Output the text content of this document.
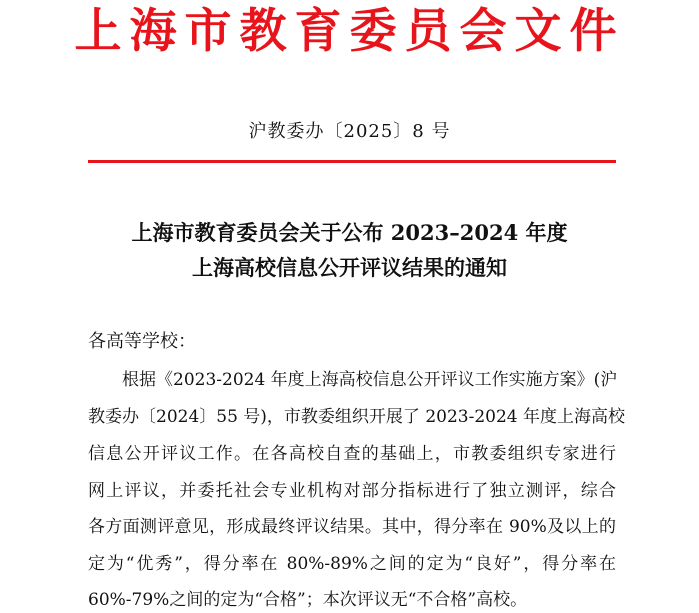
上海市教育委员会文件
沪教委办〔2025〕8 号
上海市教育委员会关于公布 2023–2024 年度
上海高校信息公开评议结果的通知
各高等学校：
根据《2023-2024 年度上海高校信息公开评议工作实施方案》(沪
教委办〔2024〕55 号)，市教委组织开展了 2023-2024 年度上海高校
信息公开评议工作。在各高校自查的基础上，市教委组织专家进行
网上评议，并委托社会专业机构对部分指标进行了独立测评，综合
各方面测评意见，形成最终评议结果。其中，得分率在 90%及以上的
定为“优秀”，得分率在 80%-89%之间的定为“良好”，得分率在
60%-79%之间的定为“合格”；本次评议无“不合格”高校。
